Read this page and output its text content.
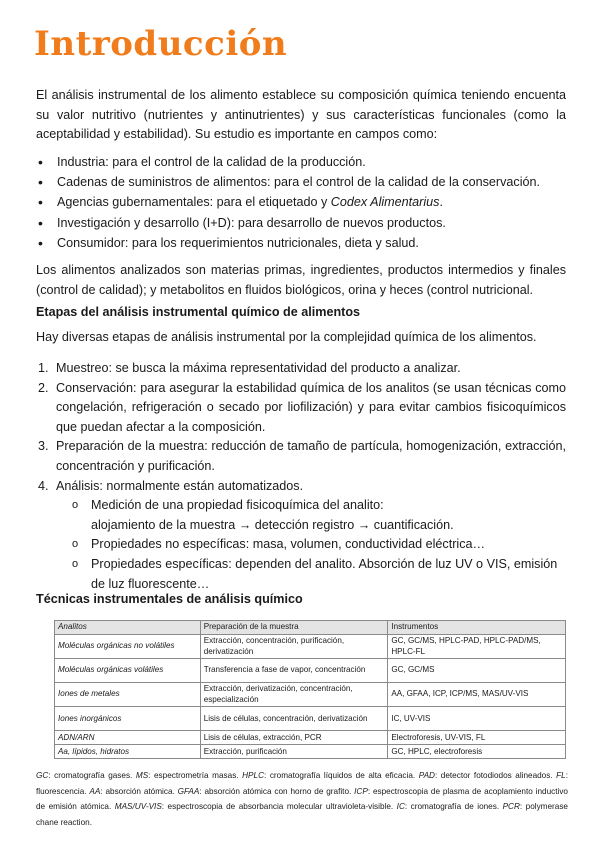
Introducción

El análisis instrumental de los alimento establece su composición química teniendo encuenta su valor nutritivo (nutrientes y antinutrientes) y sus características funcionales (como la aceptabilidad y estabilidad). Su estudio es importante en campos como:

• Industria: para el control de la calidad de la producción.
• Cadenas de suministros de alimentos: para el control de la calidad de la conservación.
• Agencias gubernamentales: para el etiquetado y Codex Alimentarius.
• Investigación y desarrollo (I+D): para desarrollo de nuevos productos.
• Consumidor: para los requerimientos nutricionales, dieta y salud.

Los alimentos analizados son materias primas, ingredientes, productos intermedios y finales (control de calidad); y metabolitos en fluidos biológicos, orina y heces (control nutricional.

Etapas del análisis instrumental químico de alimentos

Hay diversas etapas de análisis instrumental por la complejidad química de los alimentos.

1. Muestreo: se busca la máxima representatividad del producto a analizar.
2. Conservación: para asegurar la estabilidad química de los analitos (se usan técnicas como congelación, refrigeración o secado por liofilización) y para evitar cambios fisicoquímicos que puedan afectar a la composición.
3. Preparación de la muestra: reducción de tamaño de partícula, homogenización, extracción, concentración y purificación.
4. Análisis: normalmente están automatizados.
o Medición de una propiedad fisicoquímica del analito:
alojamiento de la muestra → detección registro → cuantificación.
o Propiedades no específicas: masa, volumen, conductividad eléctrica…
o Propiedades específicas: dependen del analito. Absorción de luz UV o VIS, emisión de luz fluorescente…
Técnicas instrumentales de análisis químico
Analitos	Preparación de la muestra	Instrumentos
Moléculas orgánicas no volátiles	Extracción, concentración, purificación, derivatización	GC, GC/MS, HPLC-PAD, HPLC-PAD/MS, HPLC-FL
Moléculas orgánicas volátiles	Transferencia a fase de vapor, concentración	GC, GC/MS
Iones de metales	Extracción, derivatización, concentración, especialización	AA, GFAA, ICP, ICP/MS, MAS/UV-VIS
Iones inorgánicos	Lisis de células, concentración, derivatización	IC, UV-VIS
ADN/ARN	Lisis de células, extracción, PCR	Electroforesis, UV-VIS, FL
Aa, lípidos, hidratos	Extracción, purificación	GC, HPLC, electroforesis

GC: cromatografía gases. MS: espectrometría masas. HPLC: cromatografía líquidos de alta eficacia. PAD: detector fotodiodos alineados. FL: fluorescencia. AA: absorción atómica. GFAA: absorción atómica con horno de grafito. ICP: espectroscopia de plasma de acoplamiento inductivo de emisión atómica. MAS/UV-VIS: espectroscopia de absorbancia molecular ultravioleta-visible. IC: cromatografía de iones. PCR: polymerase chane reaction.
